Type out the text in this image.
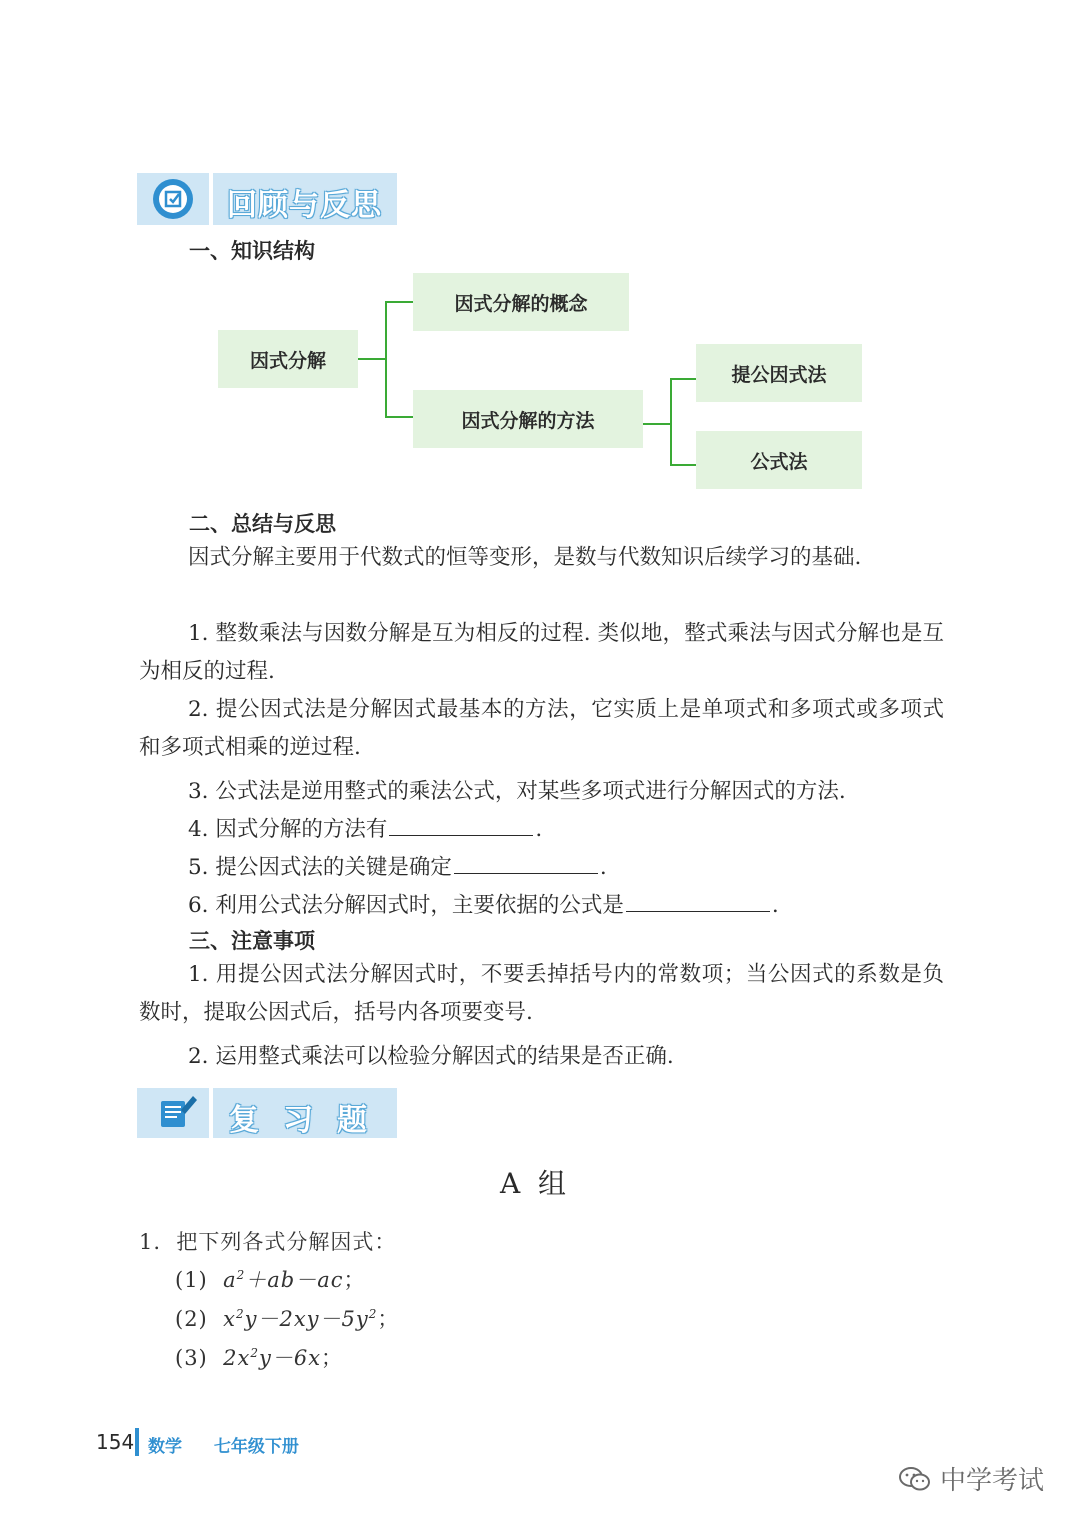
回顾与反思
一、知识结构
因式分解
因式分解的概念
因式分解的方法
提公因式法
公式法
二、总结与反思
因式分解主要用于代数式的恒等变形，是数与代数知识后续学习的基础.
1. 整数乘法与因数分解是互为相反的过程. 类似地，整式乘法与因式分解也是互为相反的过程.
2. 提公因式法是分解因式最基本的方法，它实质上是单项式和多项式或多项式和多项式相乘的逆过程.
3. 公式法是逆用整式的乘法公式，对某些多项式进行分解因式的方法.
4. 因式分解的方法有	.
5. 提公因式法的关键是确定	.
6. 利用公式法分解因式时，主要依据的公式是	.
三、注意事项
1. 用提公因式法分解因式时，不要丢掉括号内的常数项；当公因式的系数是负数时，提取公因式后，括号内各项要变号.
2. 运用整式乘法可以检验分解因式的结果是否正确.
复习题
A  组
1.  把下列各式分解因式：
(1)  $a^2+ab-ac$；
(2)  $x^2y-2xy-5y^2$；
(3)  $2x^2y-6x$；
154 数学  七年级下册
中学考试
